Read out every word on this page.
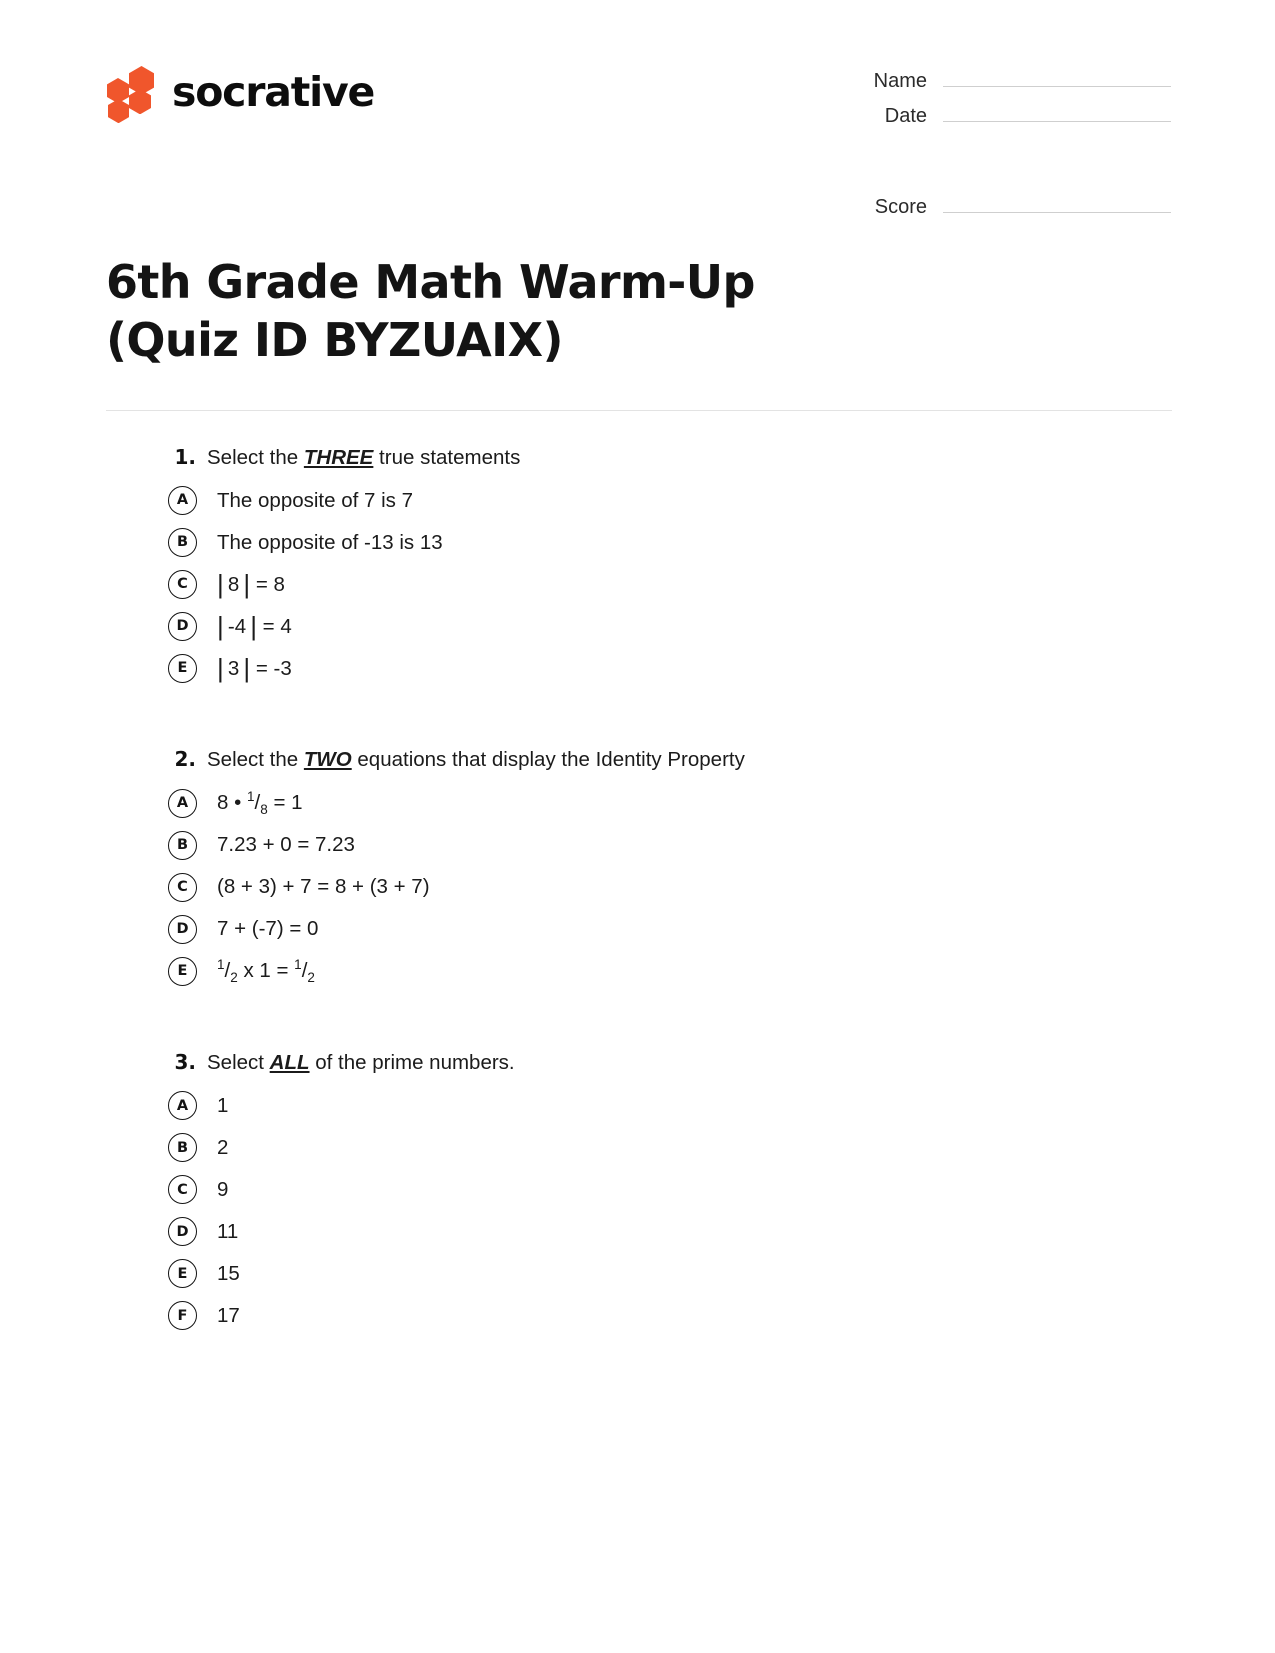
socrative	Name
Date
Score
6th Grade Math Warm-Up (Quiz ID BYZUAIX)
1. Select the THREE true statements
A	The opposite of 7 is 7
B	The opposite of -13 is 13
C	| 8 | = 8
D	| -4 | = 4
E	| 3 | = -3
2. Select the TWO equations that display the Identity Property
A	8 • $^1/_8 = 1$
B	7.23 + 0 = 7.23
C	(8 + 3) + 7 = 8 + (3 + 7)
D	7 + (-7) = 0
E	$^1/_2$ x $1 = ^1/_2$
3. Select ALL of the prime numbers.
A	1
B	2
C	9
D	11
E	15
F	17
